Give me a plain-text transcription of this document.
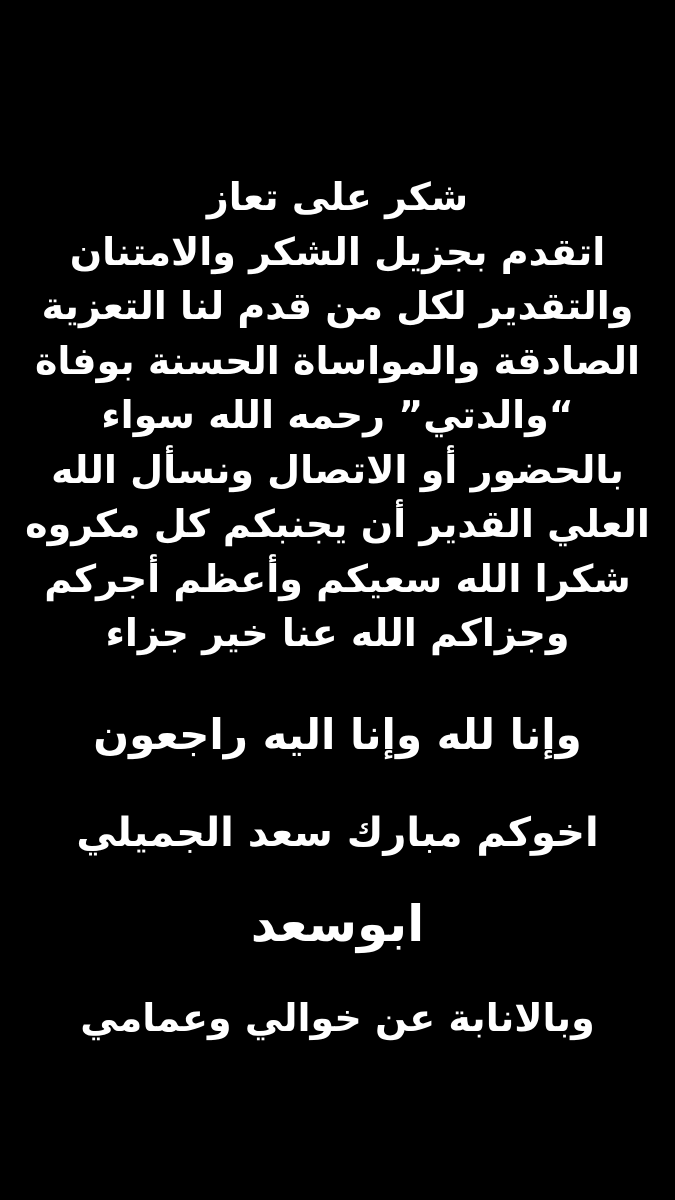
شكر على تعاز
اتقدم بجزيل الشكر والامتنان
والتقدير لكل من قدم لنا التعزية
الصادقة والمواساة الحسنة بوفاة
“والدتي” رحمه الله سواء
بالحضور أو الاتصال ونسأل الله
العلي القدير أن يجنبكم كل مكروه
شكرا الله سعيكم وأعظم أجركم
وجزاكم الله عنا خير جزاء
وإنا لله وإنا اليه راجعون
اخوكم مبارك سعد الجميلي
ابوسعد
وبالانابة عن خوالي وعمامي
